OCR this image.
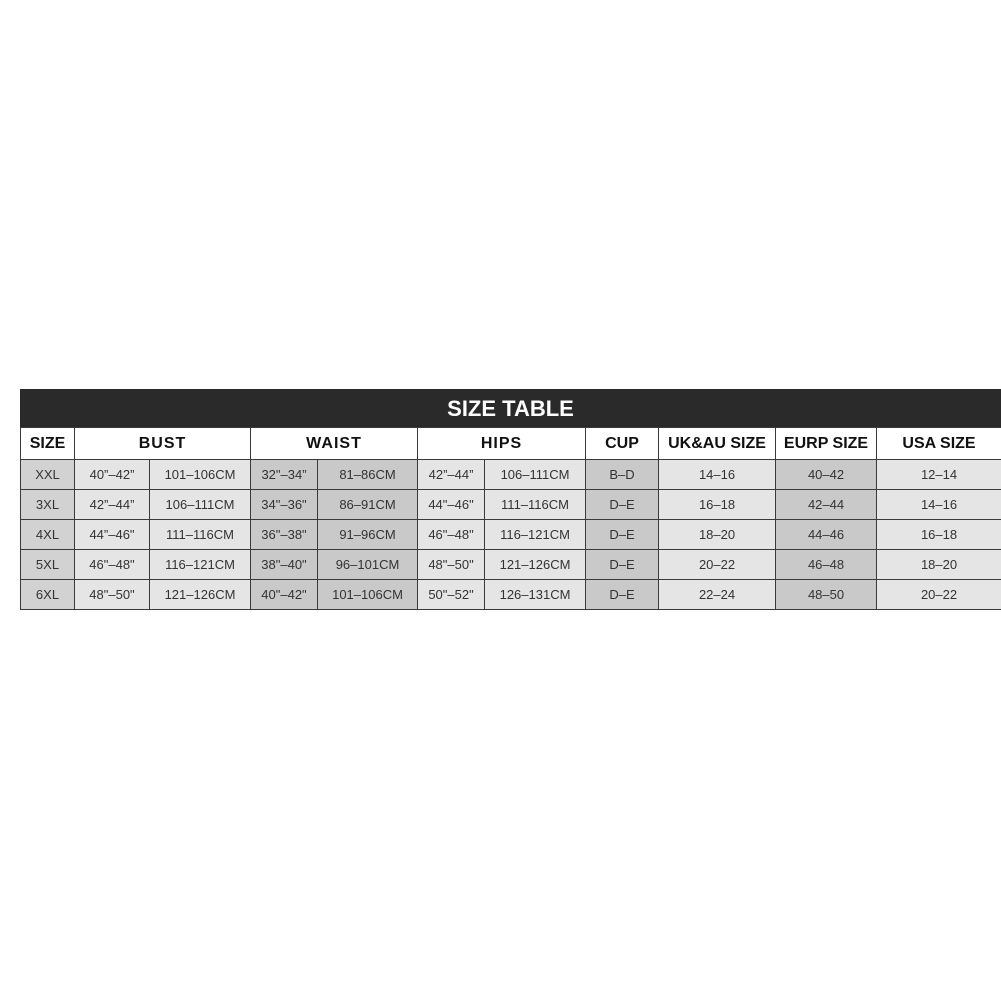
SIZE TABLE
SIZE	BUST		WAIST		HIPS		CUP	UK&AU SIZE	EURP SIZE	USA SIZE
XXL	40”–42”	101–106CM	32"–34”	81–86CM	42”–44”	106–111CM	B–D	14–16	40–42	12–14
3XL	42”–44”	106–111CM	34"–36"	86–91CM	44"–46"	111–116CM	D–E	16–18	42–44	14–16
4XL	44”–46"	111–116CM	36"–38"	91–96CM	46"–48"	116–121CM	D–E	18–20	44–46	16–18
5XL	46"–48"	116–121CM	38"–40"	96–101CM	48"–50"	121–126CM	D–E	20–22	46–48	18–20
6XL	48"–50"	121–126CM	40"–42"	101–106CM	50"–52"	126–131CM	D–E	22–24	48–50	20–22
